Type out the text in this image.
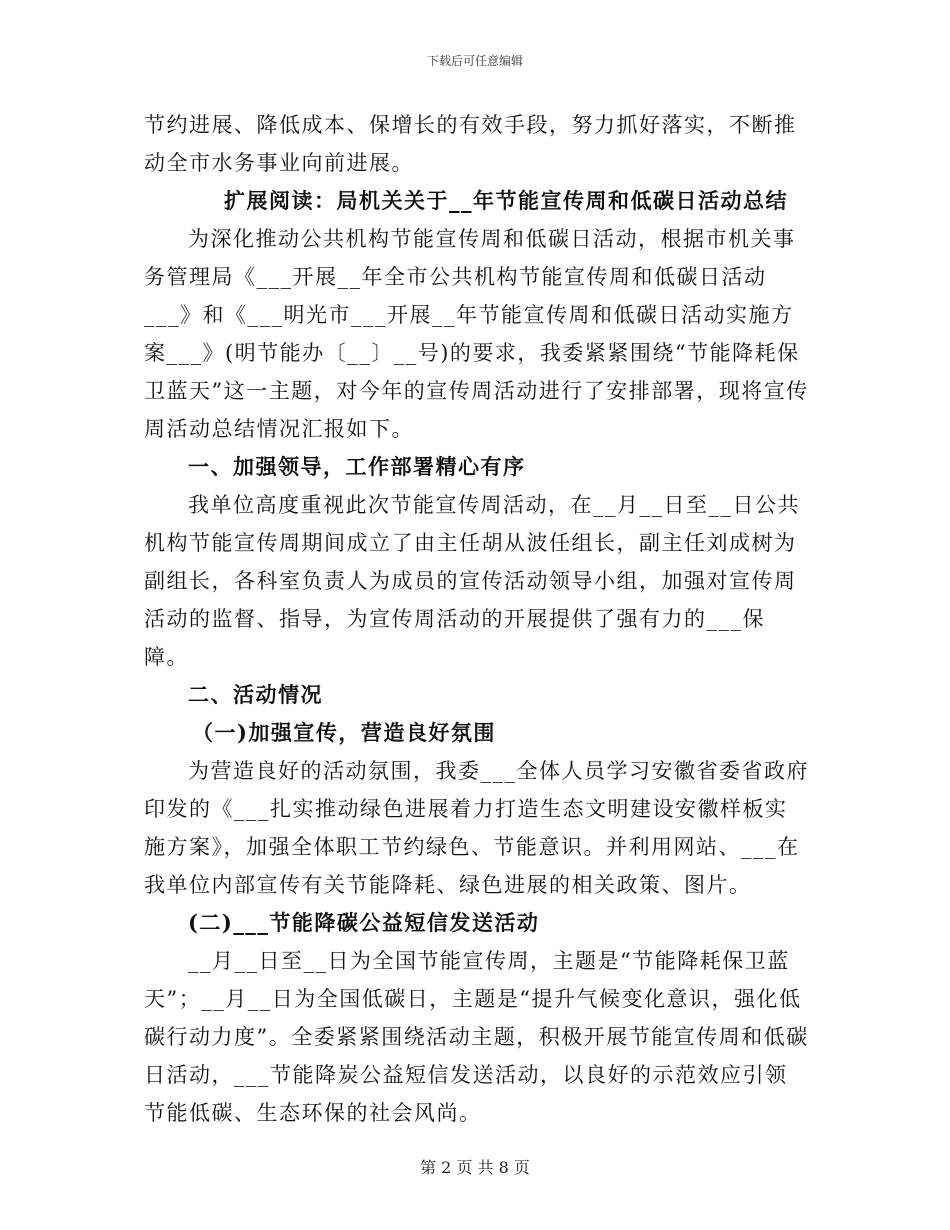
下载后可任意编辑

节约进展、降低成本、保增长的有效手段，努力抓好落实，不断推动全市水务事业向前进展。

扩展阅读：局机关关于__年节能宣传周和低碳日活动总结

为深化推动公共机构节能宣传周和低碳日活动，根据市机关事务管理局《___开展__年全市公共机构节能宣传周和低碳日活动___》和《___明光市___开展__年节能宣传周和低碳日活动实施方案___》(明节能办〔__〕__号)的要求，我委紧紧围绕“节能降耗保卫蓝天”这一主题，对今年的宣传周活动进行了安排部署，现将宣传周活动总结情况汇报如下。

一、加强领导，工作部署精心有序

我单位高度重视此次节能宣传周活动，在__月__日至__日公共机构节能宣传周期间成立了由主任胡从波任组长，副主任刘成树为副组长，各科室负责人为成员的宣传活动领导小组，加强对宣传周活动的监督、指导，为宣传周活动的开展提供了强有力的___保障。

二、活动情况

（一)加强宣传，营造良好氛围

为营造良好的活动氛围，我委___全体人员学习安徽省委省政府印发的《___扎实推动绿色进展着力打造生态文明建设安徽样板实施方案》，加强全体职工节约绿色、节能意识。并利用网站、___在我单位内部宣传有关节能降耗、绿色进展的相关政策、图片。

(二)___节能降碳公益短信发送活动

__月__日至__日为全国节能宣传周，主题是“节能降耗保卫蓝天”；__月__日为全国低碳日，主题是“提升气候变化意识，强化低碳行动力度”。全委紧紧围绕活动主题，积极开展节能宣传周和低碳日活动，___节能降炭公益短信发送活动，以良好的示范效应引领节能低碳、生态环保的社会风尚。

第 2 页 共 8 页
